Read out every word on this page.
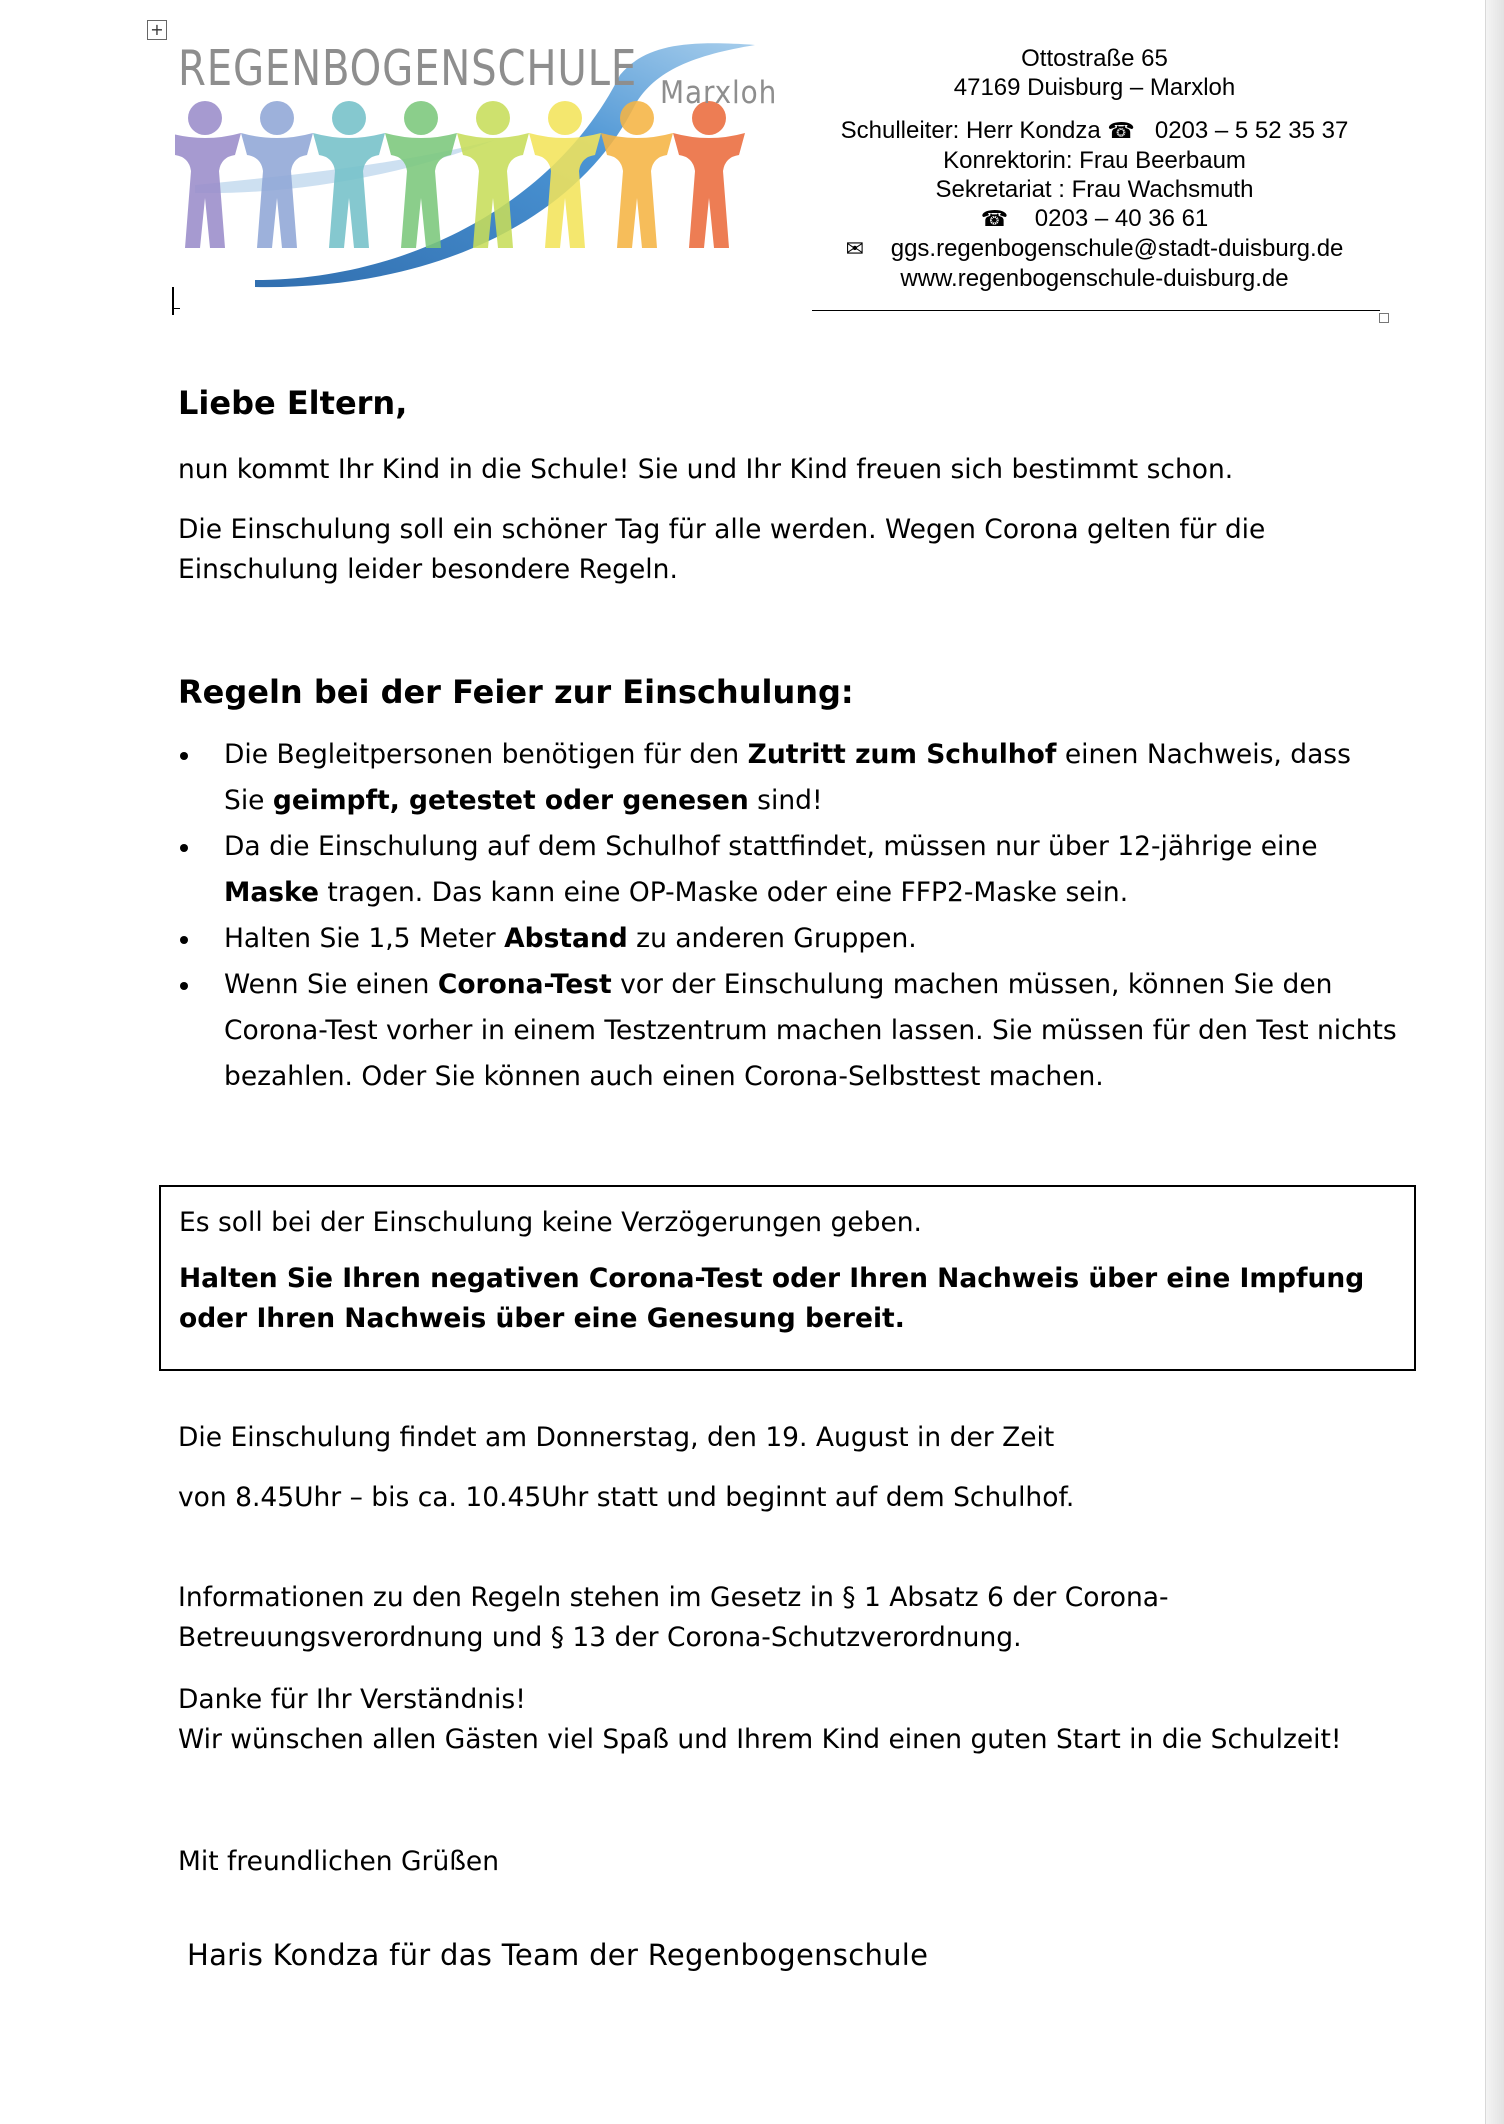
+
REGENBOGENSCHULE Marxloh
Ottostraße 65
47169 Duisburg – Marxloh
Schulleiter: Herr Kondza ☎ 0203 – 5 52 35 37
Konrektorin: Frau Beerbaum
Sekretariat : Frau Wachsmuth
☎ 0203 – 40 36 61
✉ ggs.regenbogenschule@stadt-duisburg.de
www.regenbogenschule-duisburg.de
Liebe Eltern,
nun kommt Ihr Kind in die Schule! Sie und Ihr Kind freuen sich bestimmt schon.
Die Einschulung soll ein schöner Tag für alle werden. Wegen Corona gelten für die Einschulung leider besondere Regeln.
Regeln bei der Feier zur Einschulung:
Die Begleitpersonen benötigen für den Zutritt zum Schulhof einen Nachweis, dass Sie geimpft, getestet oder genesen sind!
Da die Einschulung auf dem Schulhof stattfindet, müssen nur über 12-jährige eine Maske tragen. Das kann eine OP-Maske oder eine FFP2-Maske sein.
Halten Sie 1,5 Meter Abstand zu anderen Gruppen.
Wenn Sie einen Corona-Test vor der Einschulung machen müssen, können Sie den Corona-Test vorher in einem Testzentrum machen lassen. Sie müssen für den Test nichts bezahlen. Oder Sie können auch einen Corona-Selbsttest machen.
Es soll bei der Einschulung keine Verzögerungen geben.
Halten Sie Ihren negativen Corona-Test oder Ihren Nachweis über eine Impfung oder Ihren Nachweis über eine Genesung bereit.
Die Einschulung findet am Donnerstag, den 19. August in der Zeit
von 8.45Uhr – bis ca. 10.45Uhr statt und beginnt auf dem Schulhof.
Informationen zu den Regeln stehen im Gesetz in § 1 Absatz 6 der Corona-Betreuungsverordnung und § 13 der Corona-Schutzverordnung.
Danke für Ihr Verständnis!
Wir wünschen allen Gästen viel Spaß und Ihrem Kind einen guten Start in die Schulzeit!
Mit freundlichen Grüßen
Haris Kondza für das Team der Regenbogenschule
